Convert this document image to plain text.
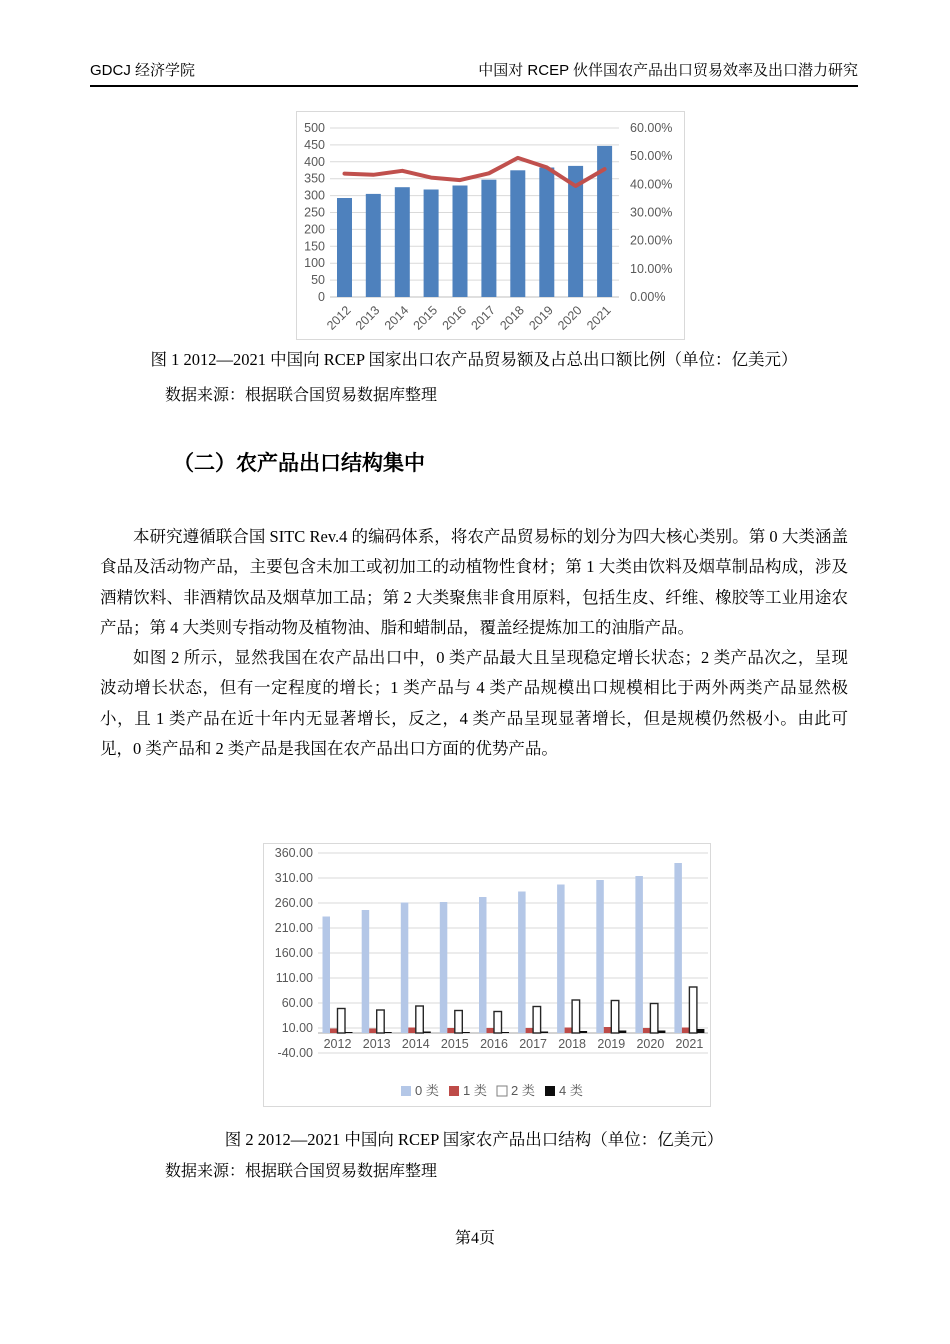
GDCJ 经济学院	中国对 RCEP 伙伴国农产品出口贸易效率及出口潜力研究
0
50
100
150
200
250
300
350
400
450
500
0.00%
10.00%
20.00%
30.00%
40.00%
50.00%
60.00%
2012 2013 2014 2015 2016 2017 2018 2019 2020 2021
图 1 2012—2021 中国向 RCEP 国家出口农产品贸易额及占总出口额比例（单位：亿美元）
数据来源：根据联合国贸易数据库整理
（二）农产品出口结构集中

本研究遵循联合国 SITC Rev.4 的编码体系，将农产品贸易标的划分为四大核心类别。第 0 大类涵盖食品及活动物产品，主要包含未加工或初加工的动植物性食材；第 1 大类由饮料及烟草制品构成，涉及酒精饮料、非酒精饮品及烟草加工品；第 2 大类聚焦非食用原料，包括生皮、纤维、橡胶等工业用途农产品；第 4 大类则专指动物及植物油、脂和蜡制品，覆盖经提炼加工的油脂产品。

如图 2 所示，显然我国在农产品出口中，0 类产品最大且呈现稳定增长状态；2 类产品次之，呈现波动增长状态，但有一定程度的增长；1 类产品与 4 类产品规模出口规模相比于两外两类产品显然极小，且 1 类产品在近十年内无显著增长，反之，4 类产品呈现显著增长，但是规模仍然极小。由此可见，0 类产品和 2 类产品是我国在农产品出口方面的优势产品。

-40.00
10.00
60.00
110.00
160.00
210.00
260.00
310.00
360.00
2012 2013 2014 2015 2016 2017 2018 2019 2020 2021
0 类 1 类 2 类 4 类
图 2 2012—2021 中国向 RCEP 国家农产品出口结构（单位：亿美元）
数据来源：根据联合国贸易数据库整理
第4页
